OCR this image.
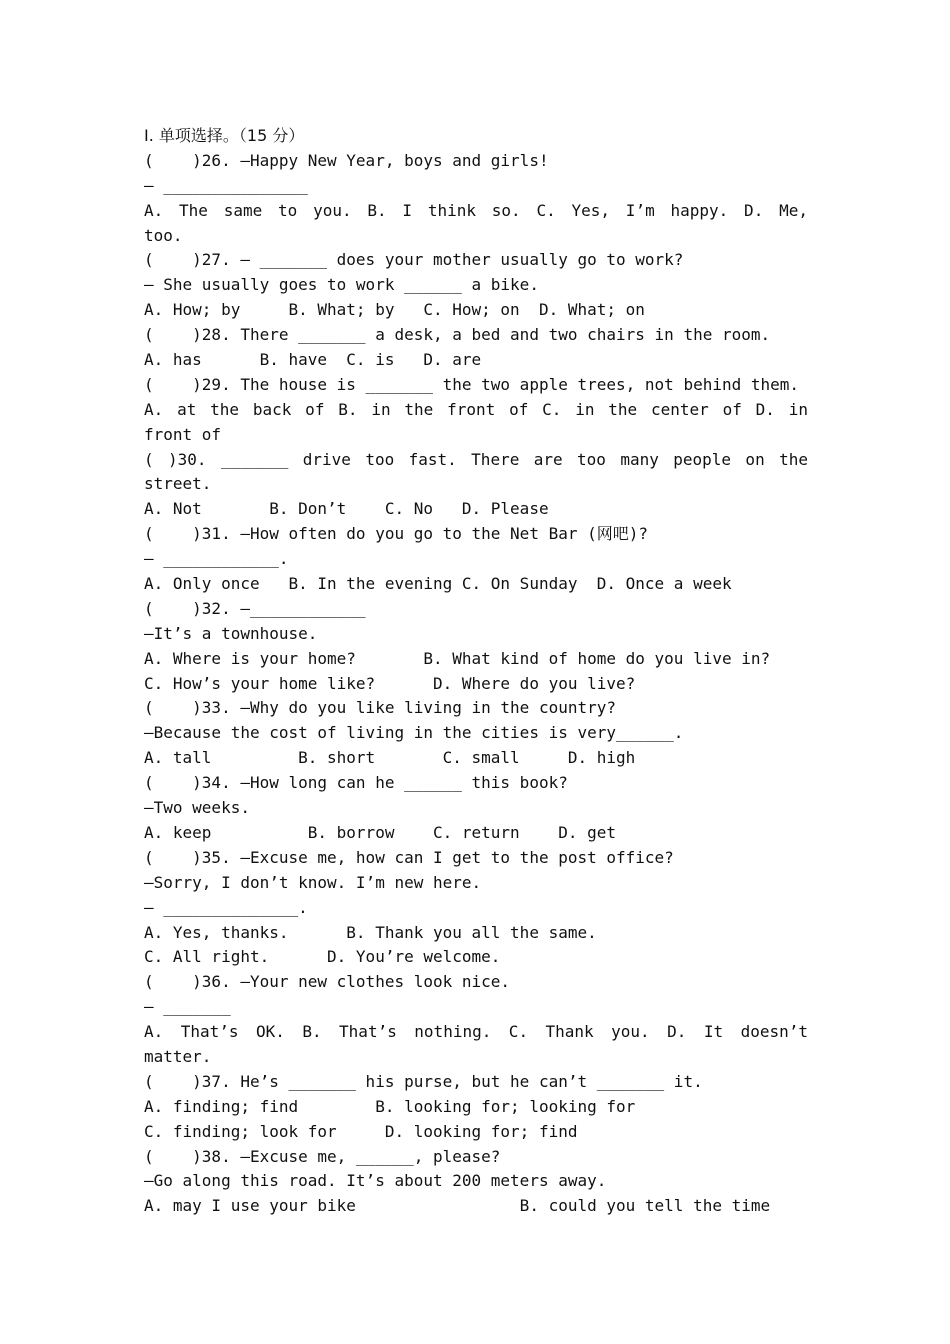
Ⅰ. 单项选择。（15 分）
(    )26. —Happy New Year, boys and girls!
— _______________
A. The same to you. B. I think so. C. Yes, I’m happy. D. Me,
too.
(    )27. — _______ does your mother usually go to work?
— She usually goes to work ______ a bike.
A. How; by     B. What; by   C. How; on  D. What; on
(    )28. There _______ a desk, a bed and two chairs in the room.
A. has      B. have  C. is   D. are
(    )29. The house is _______ the two apple trees, not behind them.
A. at the back of B. in the front of C. in the center of D. in
front of
( )30. _______ drive too fast. There are too many people on the
street.
A. Not       B. Don’t    C. No   D. Please
(    )31. —How often do you go to the Net Bar (网吧)?
— ____________.
A. Only once   B. In the evening C. On Sunday  D. Once a week
(    )32. —____________
—It’s a townhouse.
A. Where is your home?       B. What kind of home do you live in?
C. How’s your home like?      D. Where do you live?
(    )33. —Why do you like living in the country?
—Because the cost of living in the cities is very______.
A. tall         B. short       C. small     D. high
(    )34. —How long can he ______ this book?
—Two weeks.
A. keep          B. borrow    C. return    D. get
(    )35. —Excuse me, how can I get to the post office?
—Sorry, I don’t know. I’m new here.
— ______________.
A. Yes, thanks.      B. Thank you all the same.
C. All right.      D. You’re welcome.
(    )36. —Your new clothes look nice.
— _______
A. That’s OK. B. That’s nothing. C. Thank you. D. It doesn’t
matter.
(    )37. He’s _______ his purse, but he can’t _______ it.
A. finding; find        B. looking for; looking for
C. finding; look for     D. looking for; find
(    )38. —Excuse me, ______, please?
—Go along this road. It’s about 200 meters away.
A. may I use your bike                 B. could you tell the time
